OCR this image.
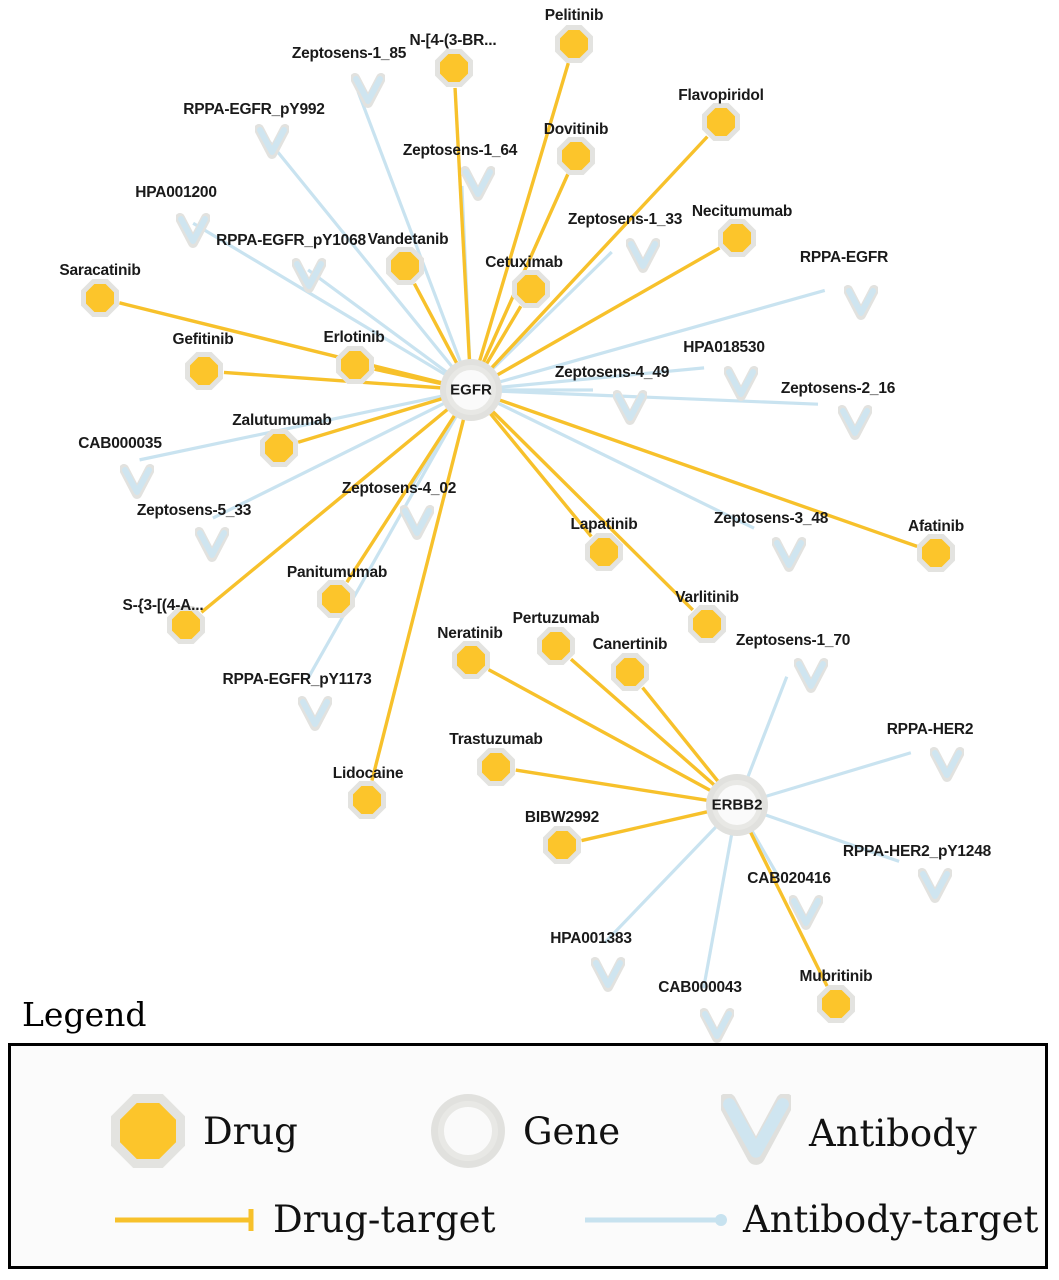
Zeptosens-1_85
RPPA-EGFR_pY992
Zeptosens-1_64
HPA001200
Zeptosens-1_33
RPPA-EGFR_pY1068
RPPA-EGFR
HPA018530
Zeptosens-4_49
Zeptosens-2_16
CAB000035
Zeptosens-4_02
Zeptosens-5_33	Zeptosens-3_48
Zeptosens-1_70
RPPA-EGFR_pY1173
RPPA-HER2
RPPA-HER2_pY1248
CAB020416
HPA001383
CAB000043
Pelitinib
N-[4-(3-BR...
Flavopiridol
Dovitinib
Necitumumab
Vandetanib
Cetuximab
Saracatinib
Gefitinib	Erlotinib
Zalutumumab
Afatinib
Lapatinib
Varlitinib
Panitumumab
S-{3-[(4-A...
Pertuzumab
Canertinib
Neratinib
Trastuzumab
Lidocaine
BIBW2992
Mubritinib
EGFR
ERBB2
Legend
Drug	Gene	Antibody
Drug-target	Antibody-target
